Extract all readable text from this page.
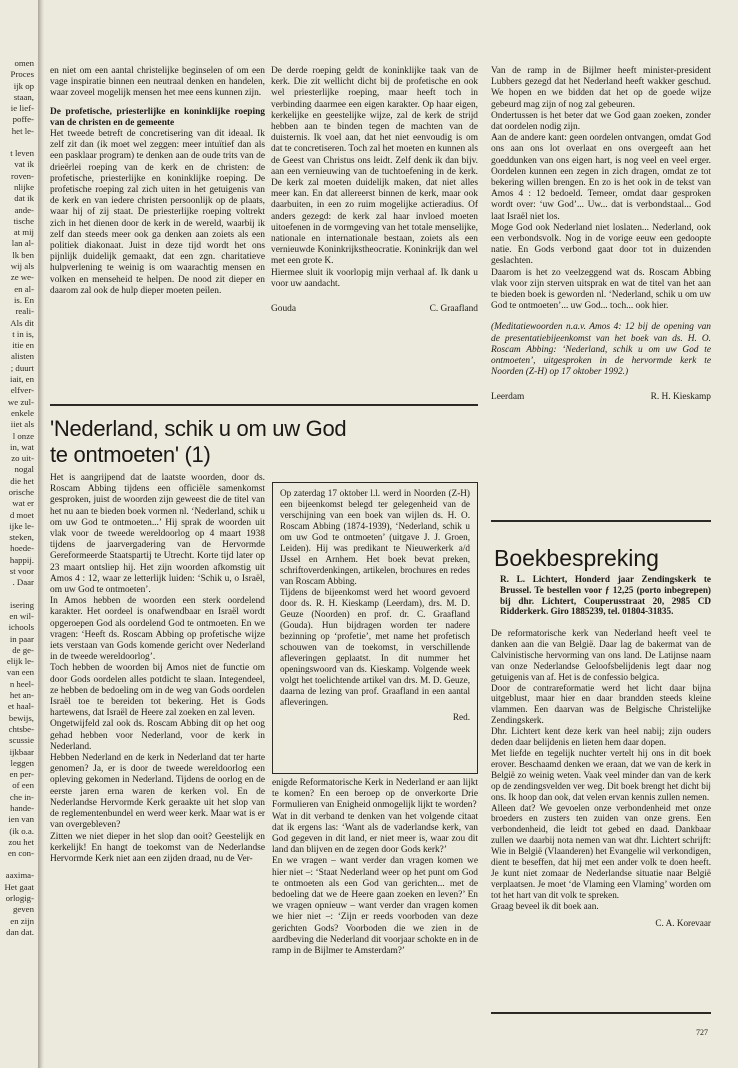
omen
Proces
ijk op
staan,
ie lief-
poffe-
het le-
t leven
vat ik
roven-
nlijke
dat ik
ande-
tische
at mij
lan al-
lk ben
wij als
ze we-
en al-
is. En
reali-
Als dit
t in is,
itie en
alisten
; duurt
iait, en
elfver-
we zul-
enkele
iiet als
l onze
in, wat
zo uit-
nogal
die het
orische
wat er
d moet
ijke le-
steken,
hoede-
happij.
st voor
. Daar
isering
en wil-
ichools
in paar
de ge-
elijk le-
van een
n heel-
het an-
et haal-
bewijs,
chtsbe-
scussie
ijkbaar
leggen
en per-
of een
che in-
hande-
ien van
(ik o.a.
zou het
en con-
aaxima-
Het gaat
orlogig-
geven
en zijn
dan dat.

en niet om een aantal christelijke beginselen of om een vage inspiratie binnen een neutraal denken en handelen, waar zoveel mogelijk mensen het mee eens kunnen zijn.

De profetische, priesterlijke en koninklijke roeping van de christen en de gemeente

Het tweede betreft de concretisering van dit ideaal. Ik zelf zit dan (ik moet wel zeggen: meer intuïtief dan als een pasklaar program) te denken aan de oude trits van de drieërlei roeping van de kerk en de christen: de profetische, priesterlijke en koninklijke roeping. De profetische roeping zal zich uiten in het getuigenis van de kerk en van iedere christen persoonlijk op de plaats, waar hij of zij staat. De priesterlijke roeping voltrekt zich in het dienen door de kerk in de wereld, waarbij ik zelf dan steeds meer ook ga denken aan zoiets als een politiek diakonaat. Juist in deze tijd wordt het ons pijnlijk duidelijk gemaakt, dat een zgn. charitatieve hulpverlening te weinig is om waarachtig mensen en volken en menseheid te helpen. De nood zit dieper en daarom zal ook de hulp dieper moeten peilen.

De derde roeping geldt de koninklijke taak van de kerk. Die zit wellicht dicht bij de profetische en ook wel priesterlijke roeping, maar heeft toch in verbinding daarmee een eigen karakter. Op haar eigen, kerkelijke en geestelijke wijze, zal de kerk de strijd hebben aan te binden tegen de machten van de duisternis. Ik voel aan, dat het niet eenvoudig is om dat te concretiseren. Toch zal het moeten en kunnen als de Geest van Christus ons leidt. Zelf denk ik dan bijv. aan een vernieuwing van de tuchtoefening in de kerk. De kerk zal moeten duidelijk maken, dat niet alles meer kan. En dat allereerst binnen de kerk, maar ook daarbuiten, in een zo ruim mogelijke actieradius. Of anders gezegd: de kerk zal haar invloed moeten uitoefenen in de vormgeving van het totale menselijke, nationale en internationale bestaan, zoiets als een vernieuwde Koninkrijkstheocratie. Koninkrijk dan wel met een grote K.

Hiermee sluit ik voorlopig mijn verhaal af. Ik dank u voor uw aandacht.

Gouda	C. Graafland

'Nederland, schik u om uw God te ontmoeten' (1)

Het is aangrijpend dat de laatste woorden, door ds. Roscam Abbing tijdens een officiële samenkomst gesproken, juist de woorden zijn geweest die de titel van het nu aan te bieden boek vormen nl. ‘Nederland, schik u om uw God te ontmoeten...’ Hij sprak de woorden uit vlak voor de tweede wereldoorlog op 4 maart 1938 tijdens de jaarvergadering van de Hervormde Gereformeerde Staatspartij te Utrecht. Korte tijd later op 23 maart ontsliep hij. Het zijn woorden afkomstig uit Amos 4 : 12, waar ze letterlijk luiden: ‘Schik u, o Israël, om uw God te ontmoeten’.
In Amos hebben de woorden een sterk oordelend karakter. Het oordeel is onafwendbaar en Israël wordt opgeroepen God als oordelend God te ontmoeten. En we vragen: ‘Heeft ds. Roscam Abbing op profetische wijze iets verstaan van Gods komende gericht over Nederland in de tweede wereldoorlog’.
Toch hebben de woorden bij Amos niet de functie om door Gods oordelen alles potdicht te slaan. Integendeel, ze hebben de bedoeling om in de weg van Gods oordelen Israël toe te bereiden tot bekering. Het is Gods hartewens, dat Israël de Heere zal zoeken en zal leven.
Ongetwijfeld zal ook ds. Roscam Abbing dit op het oog gehad hebben voor Nederland, voor de kerk in Nederland.
Hebben Nederland en de kerk in Nederland dat ter harte genomen? Ja, er is door de tweede wereldoorlog een opleving gekomen in Nederland. Tijdens de oorlog en de eerste jaren erna waren de kerken vol. En de Nederlandse Hervormde Kerk geraakte uit het slop van de reglementenbundel en werd weer kerk. Maar wat is er van overgebleven?
Zitten we niet dieper in het slop dan ooit? Geestelijk en kerkelijk! En hangt de toekomst van de Nederlandse Hervormde Kerk niet aan een zijden draad, nu de Ver-

Op zaterdag 17 oktober l.l. werd in Noorden (Z-H) een bijeenkomst belegd ter gelegenheid van de verschijning van een boek van wijlen ds. H. O. Roscam Abbing (1874-1939), ‘Nederland, schik u om uw God te ontmoeten’ (uitgave J. J. Groen, Leiden). Hij was predikant te Nieuwerkerk a/d IJssel en Arnhem. Het boek bevat preken, schriftoverdenkingen, artikelen, brochures en redes van Roscam Abbing.

Tijdens de bijeenkomst werd het woord gevoerd door ds. R. H. Kieskamp (Leerdam), drs. M. D. Geuze (Noorden) en prof. dr. C. Graafland (Gouda). Hun bijdragen worden ter nadere bezinning op ‘profetie’, met name het profetisch schouwen van de toekomst, in verschillende afleveringen geplaatst. In dit nummer het openingswoord van ds. Kieskamp. Volgende week volgt het toelichtende artikel van drs. M. D. Geuze, daarna de lezing van prof. Graafland in een aantal afleveringen.

Red.

enigde Reformatorische Kerk in Nederland er aan lijkt te komen? En een beroep op de onverkorte Drie Formulieren van Enigheid onmogelijk lijkt te worden?
Wat in dit verband te denken van het volgende citaat dat ik ergens las: ‘Want als de vaderlandse kerk, van God gegeven in dit land, er niet meer is, waar zou dit land dan blijven en de zegen door Gods kerk?’
En we vragen – want verder dan vragen komen we hier niet –: ‘Staat Nederland weer op het punt om God te ontmoeten als een God van gerichten... met de bedoeling dat we de Heere gaan zoeken en leven?’ En we vragen opnieuw – want verder dan vragen komen we hier niet –: ‘Zijn er reeds voorboden van deze gerichten Gods? Voorboden die we zien in de aardbeving die Nederland dit voorjaar schokte en in de ramp in de Bijlmer te Amsterdam?’

Van de ramp in de Bijlmer heeft minister-president Lubbers gezegd dat het Nederland heeft wakker geschud. We hopen en we bidden dat het op de goede wijze gebeurd mag zijn of nog zal gebeuren.

Ondertussen is het beter dat we God gaan zoeken, zonder dat oordelen nodig zijn.

Aan de andere kant: geen oordelen ontvangen, omdat God ons aan ons lot overlaat en ons overgeeft aan het goeddunken van ons eigen hart, is nog veel en veel erger. Oordelen kunnen een zegen in zich dragen, omdat ze tot bekering willen brengen. En zo is het ook in de tekst van Amos 4 : 12 bedoeld. Temeer, omdat daar gesproken wordt over: ‘uw God’... Uw... dat is verbondstaal... God laat Israël niet los.

Moge God ook Nederland niet loslaten... Nederland, ook een verbondsvolk. Nog in de vorige eeuw een gedoopte natie. En Gods verbond gaat door tot in duizenden geslachten.

Daarom is het zo veelzeggend wat ds. Roscam Abbing vlak voor zijn sterven uitsprak en wat de titel van het aan te bieden boek is geworden nl. ‘Nederland, schik u om uw God te ontmoeten’... uw God... toch... ook hier.

(Meditatiewoorden n.a.v. Amos 4: 12 bij de opening van de presentatiebijeenkomst van het boek van ds. H. O. Roscam Abbing: ‘Nederland, schik u om uw God te ontmoeten’, uitgesproken in de hervormde kerk te Noorden (Z-H) op 17 oktober 1992.)

Leerdam	R. H. Kieskamp

Boekbespreking

R. L. Lichtert, Honderd jaar Zendingskerk te Brussel. Te bestellen voor ƒ 12,25 (porto inbegrepen) bij dhr. Lichtert, Couperusstraat 20, 2985 CD Ridderkerk. Giro 1885239, tel. 01804-31835.

De reformatorische kerk van Nederland heeft veel te danken aan die van België. Daar lag de bakermat van de Calvinistische hervorming van ons land. De Latijnse naam van onze Nederlandse Geloofsbelijdenis legt daar nog getuigenis van af. Het is de confessio belgica.
Door de contrareformatie werd het licht daar bijna uitgeblust, maar hier en daar brandden steeds kleine vlammen. Een daarvan was de Belgische Christelijke Zendingskerk.
Dhr. Lichtert kent deze kerk van heel nabij; zijn ouders deden daar belijdenis en lieten hem daar dopen.
Met liefde en tegelijk nuchter vertelt hij ons in dit boek erover. Beschaamd denken we eraan, dat we van de kerk in België zo weinig weten. Vaak veel minder dan van de kerk op de zendingsvelden ver weg. Dit boek brengt het dicht bij ons. Ik hoop dan ook, dat velen ervan kennis zullen nemen.
Alleen dat? We gevoelen onze verbondenheid met onze broeders en zusters ten zuiden van onze grens. Een verbondenheid, die leidt tot gebed en daad. Dankbaar zullen we daarbij nota nemen van wat dhr. Lichtert schrijft: Wie in België (Vlaanderen) het Evangelie wil verkondigen, dient te beseffen, dat hij met een ander volk te doen heeft. Je kunt niet zomaar de Nederlandse situatie naar België verplaatsen. Je moet ‘de Vlaming een Vlaming’ worden om tot het hart van dit volk te spreken.
Graag beveel ik dit boek aan.

C. A. Korevaar

727
